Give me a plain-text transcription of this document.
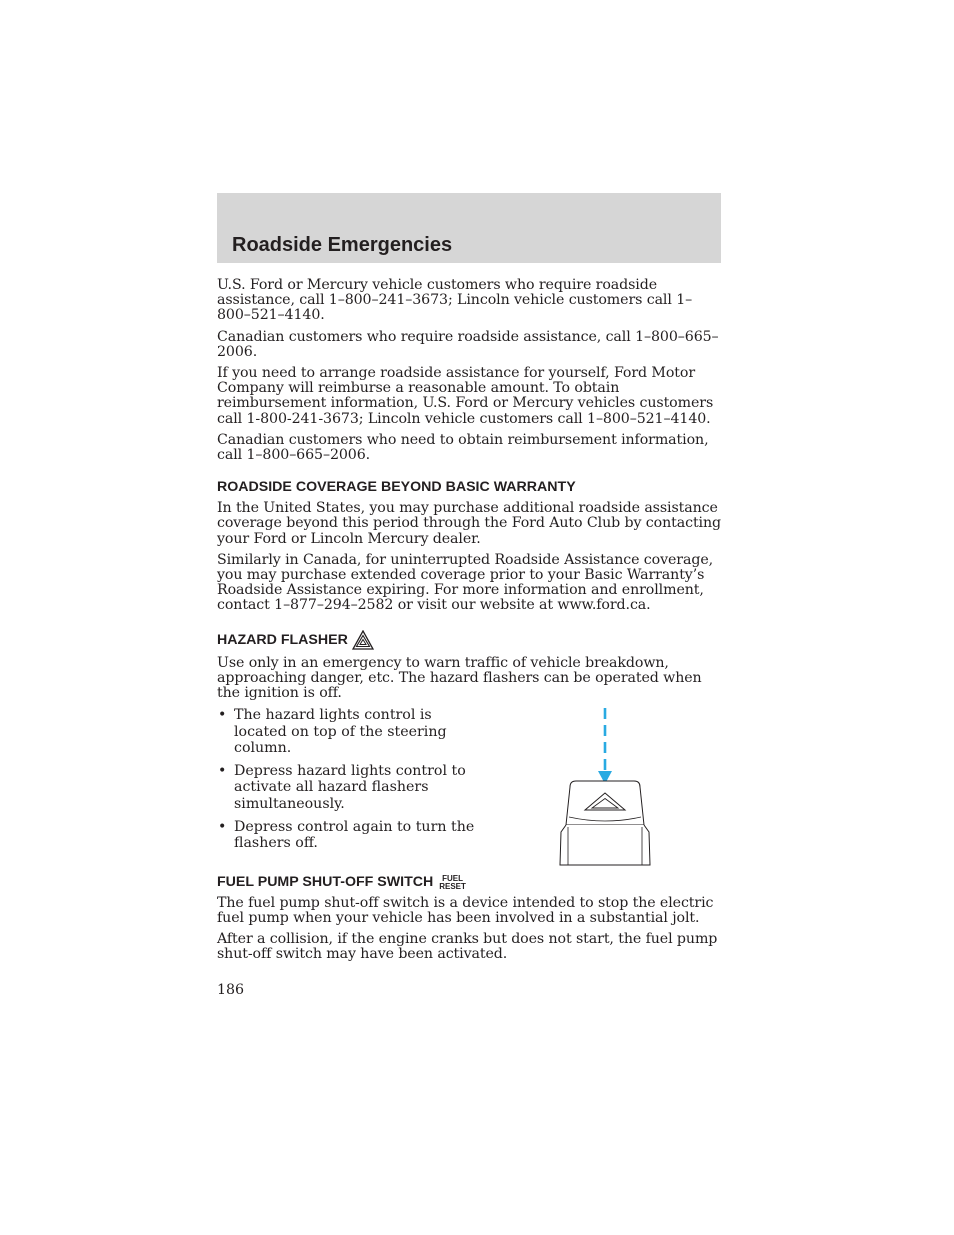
Roadside Emergencies

U.S. Ford or Mercury vehicle customers who require roadside assistance, call 1–800–241–3673; Lincoln vehicle customers call 1–800–521–4140.

Canadian customers who require roadside assistance, call 1–800–665–2006.

If you need to arrange roadside assistance for yourself, Ford Motor Company will reimburse a reasonable amount. To obtain reimbursement information, U.S. Ford or Mercury vehicles customers call 1-800-241-3673; Lincoln vehicle customers call 1–800–521–4140.

Canadian customers who need to obtain reimbursement information, call 1–800–665–2006.

ROADSIDE COVERAGE BEYOND BASIC WARRANTY

In the United States, you may purchase additional roadside assistance coverage beyond this period through the Ford Auto Club by contacting your Ford or Lincoln Mercury dealer.

Similarly in Canada, for uninterrupted Roadside Assistance coverage, you may purchase extended coverage prior to your Basic Warranty’s Roadside Assistance expiring. For more information and enrollment, contact 1–877–294–2582 or visit our website at www.ford.ca.

HAZARD FLASHER

Use only in an emergency to warn traffic of vehicle breakdown, approaching danger, etc. The hazard flashers can be operated when the ignition is off.

• The hazard lights control is located on top of the steering column.
• Depress hazard lights control to activate all hazard flashers simultaneously.
• Depress control again to turn the flashers off.
FUEL PUMP SHUT-OFF SWITCH	FUEL
RESET

The fuel pump shut-off switch is a device intended to stop the electric fuel pump when your vehicle has been involved in a substantial jolt.

After a collision, if the engine cranks but does not start, the fuel pump shut-off switch may have been activated.

186
